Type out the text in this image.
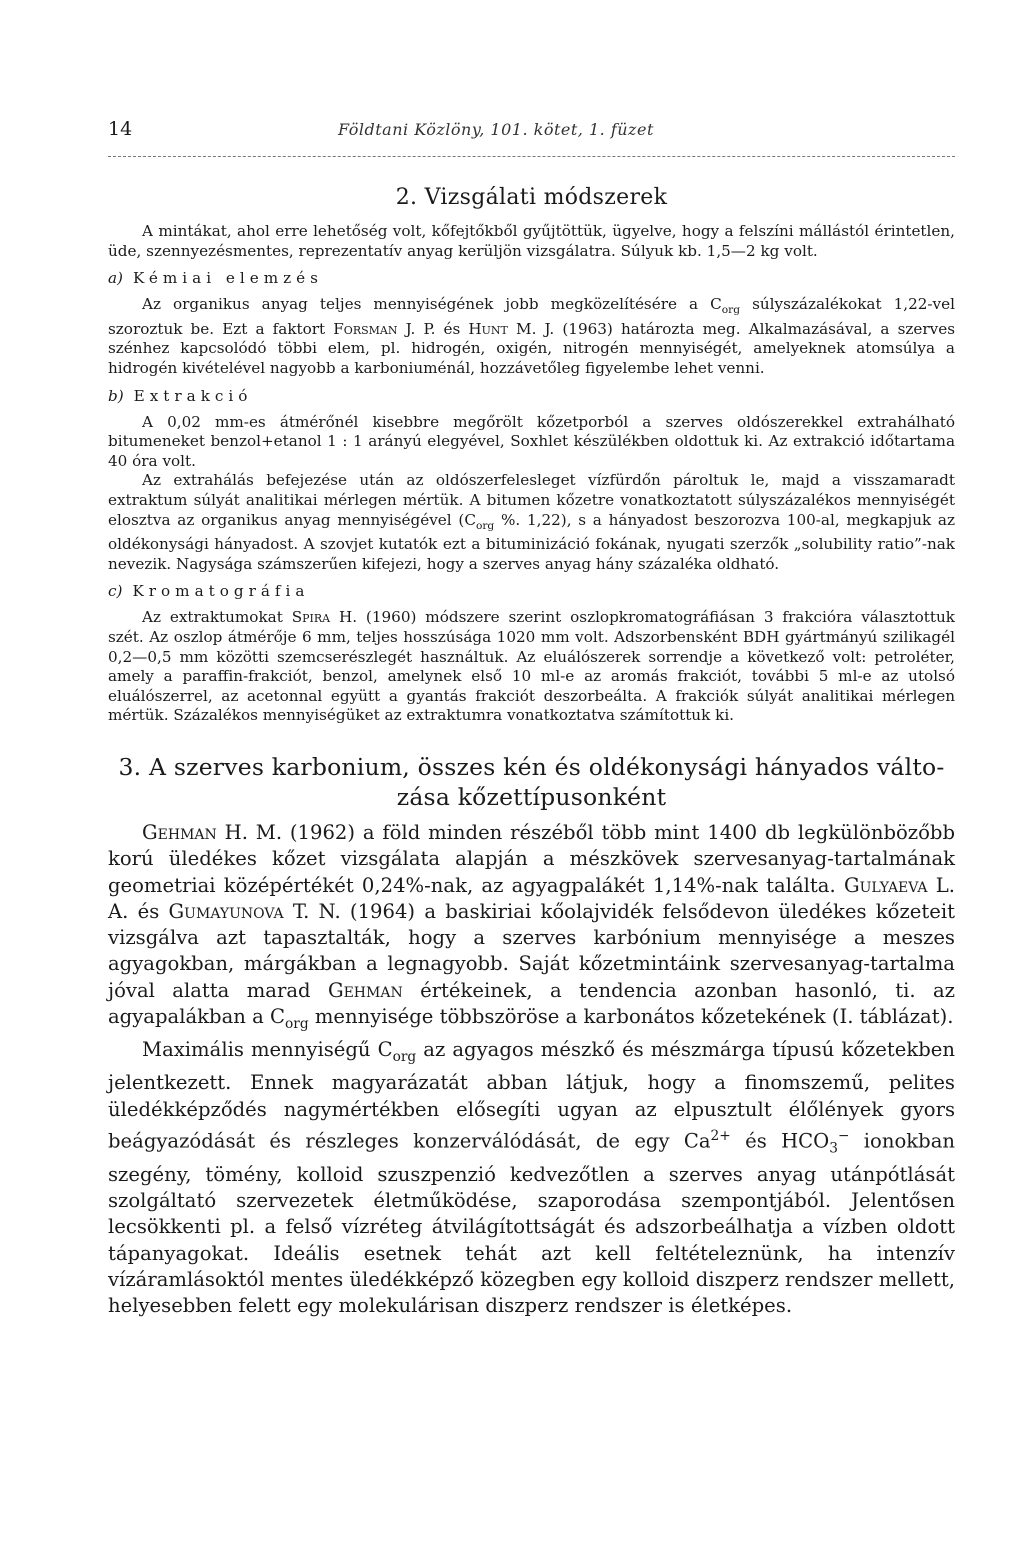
14	Földtani Közlöny, 101. kötet, 1. füzet
2. Vizsgálati módszerek

A mintákat, ahol erre lehetőség volt, kőfejtőkből gyűjtöttük, ügyelve, hogy a felszíni mállástól érintetlen, üde, szennyezésmentes, reprezentatív anyag kerüljön vizsgálatra. Súlyuk kb. 1,5—2 kg volt.

a) Kémiai elemzés

Az organikus anyag teljes mennyiségének jobb megközelítésére a $C_{org}$ súlyszázalékokat 1,22-vel szoroztuk be. Ezt a faktort Forsman J. P. és Hunt M. J. (1963) határozta meg. Alkalmazásával, a szerves szénhez kapcsolódó többi elem, pl. hidrogén, oxigén, nitrogén mennyiségét, amelyeknek atomsúlya a hidrogén kivételével nagyobb a karboniuménál, hozzávetőleg figyelembe lehet venni.

b) Extrakció

A 0,02 mm-es átmérőnél kisebbre megőrölt kőzetporból a szerves oldószerekkel extrahálható bitumeneket benzol+etanol 1 : 1 arányú elegyével, Soxhlet készülékben oldottuk ki. Az extrakció időtartama 40 óra volt.

Az extrahálás befejezése után az oldószerfelesleget vízfürdőn pároltuk le, majd a visszamaradt extraktum súlyát analitikai mérlegen mértük. A bitumen kőzetre vonatkoztatott súlyszázalékos mennyiségét elosztva az organikus anyag mennyiségével ($C_{org}$ %. 1,22), s a hányadost beszorozva 100-al, megkapjuk az oldékonysági hányadost. A szovjet kutatók ezt a bituminizáció fokának, nyugati szerzők „solubility ratio”-nak nevezik. Nagysága számszerűen kifejezi, hogy a szerves anyag hány százaléka oldható.

c) Kromatográfia

Az extraktumokat Spira H. (1960) módszere szerint oszlopkromatográfiásan 3 frakcióra választottuk szét. Az oszlop átmérője 6 mm, teljes hosszúsága 1020 mm volt. Adszorbensként BDH gyártmányú szilikagél 0,2—0,5 mm közötti szemcserészlegét használtuk. Az eluálószerek sorrendje a következő volt: petroléter, amely a paraffin-frakciót, benzol, amelynek első 10 ml-e az aromás frakciót, további 5 ml-e az utolsó eluálószerrel, az acetonnal együtt a gyantás frakciót deszorbeálta. A frakciók súlyát analitikai mérlegen mértük. Százalékos mennyiségüket az extraktumra vonatkoztatva számítottuk ki.

3. A szerves karbonium, összes kén és oldékonysági hányados válto-
zása kőzettípusonként

Gehman H. M. (1962) a föld minden részéből több mint 1400 db legkülönbözőbb korú üledékes kőzet vizsgálata alapján a mészkövek szervesanyag-tartalmának geometriai középértékét 0,24%-nak, az agyagpalákét 1,14%-nak találta. Gulyaeva L. A. és Gumayunova T. N. (1964) a baskiriai kőolajvidék felsődevon üledékes kőzeteit vizsgálva azt tapasztalták, hogy a szerves karbónium mennyisége a meszes agyagokban, márgákban a legnagyobb. Saját kőzetmintáink szervesanyag-tartalma jóval alatta marad Gehman értékeinek, a tendencia azonban hasonló, ti. az agyapalákban a $C_{org}$ mennyisége többszöröse a karbonátos kőzetekének (I. táblázat).

Maximális mennyiségű $C_{org}$ az agyagos mészkő és mészmárga típusú kőzetekben jelentkezett. Ennek magyarázatát abban látjuk, hogy a finomszemű, pelites üledékképződés nagymértékben elősegíti ugyan az elpusztult élőlények gyors beágyazódását és részleges konzerválódását, de egy $Ca^{2+}$ és $HCO_3^-$ ionokban szegény, tömény, kolloid szuszpenzió kedvezőtlen a szerves anyag utánpótlását szolgáltató szervezetek életműködése, szaporodása szempontjából. Jelentősen lecsökkenti pl. a felső vízréteg átvilágítottságát és adszorbeálhatja a vízben oldott tápanyagokat. Ideális esetnek tehát azt kell feltételeznünk, ha intenzív vízáramlásoktól mentes üledékképző közegben egy kolloid diszperz rendszer mellett, helyesebben felett egy molekulárisan diszperz rendszer is életképes.
